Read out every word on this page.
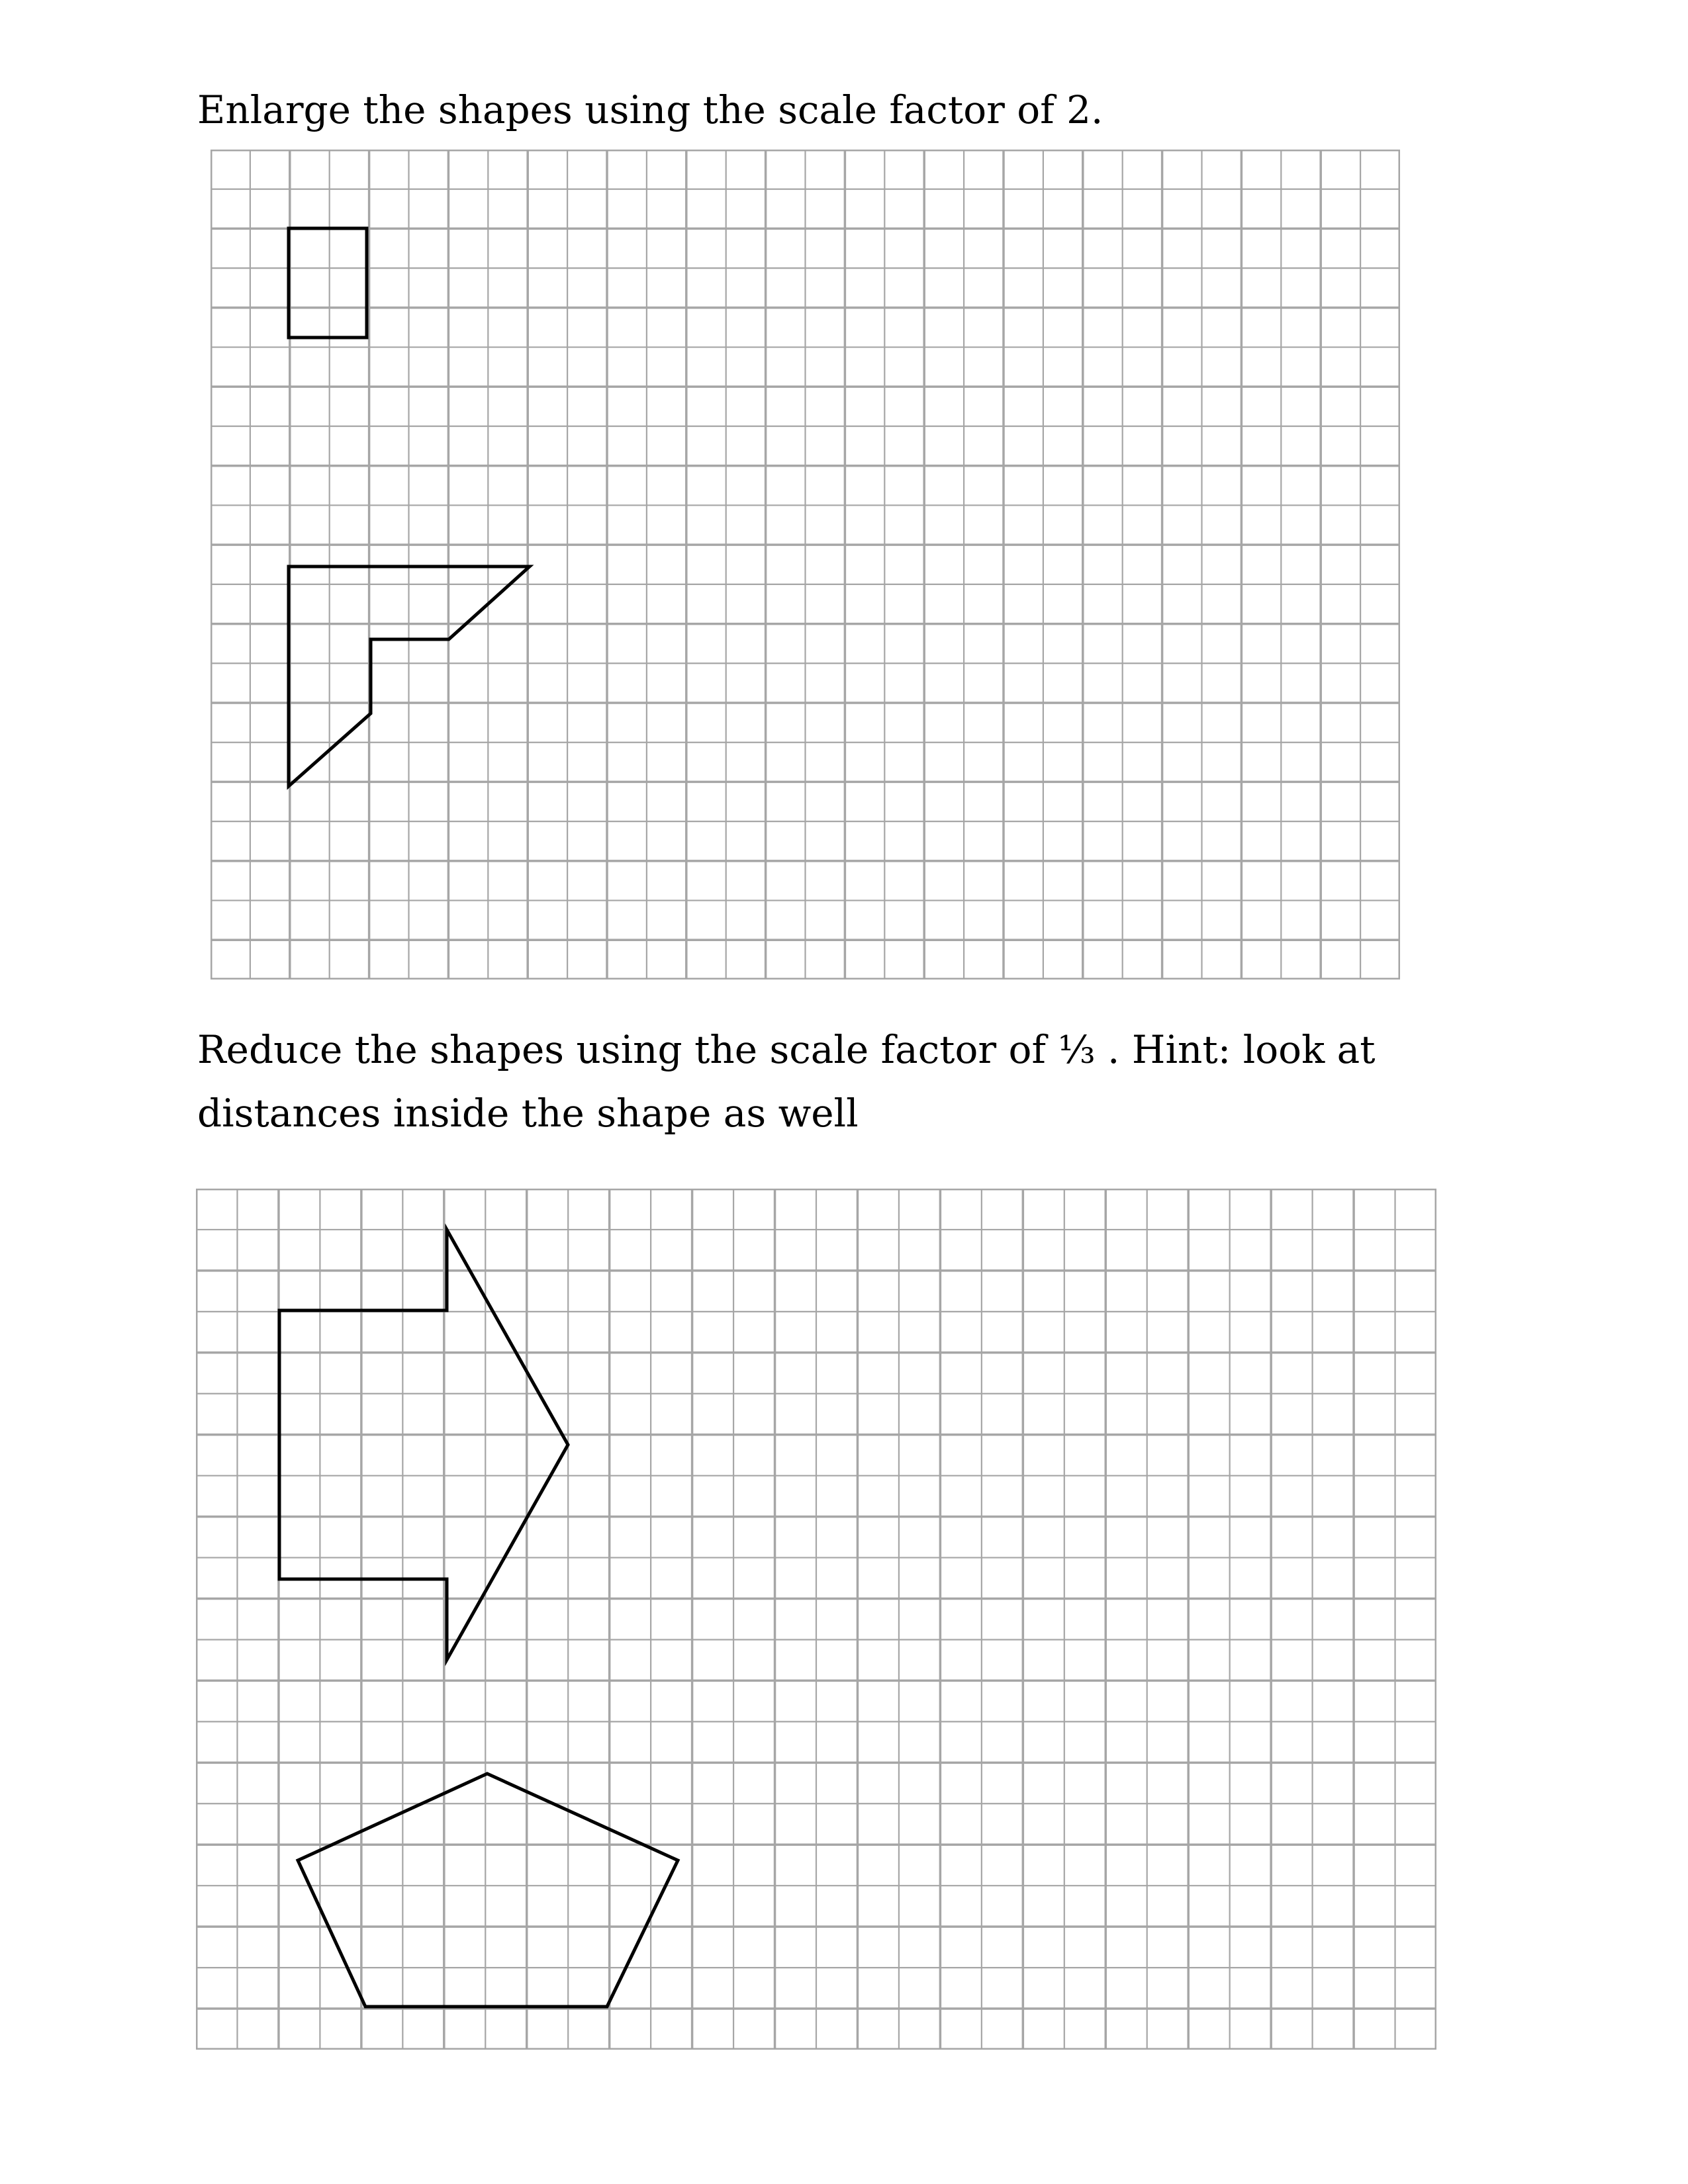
Enlarge the shapes using the scale factor of 2.

Reduce the shapes using the scale factor of ⅓ . Hint: look at distances inside the shape as well
